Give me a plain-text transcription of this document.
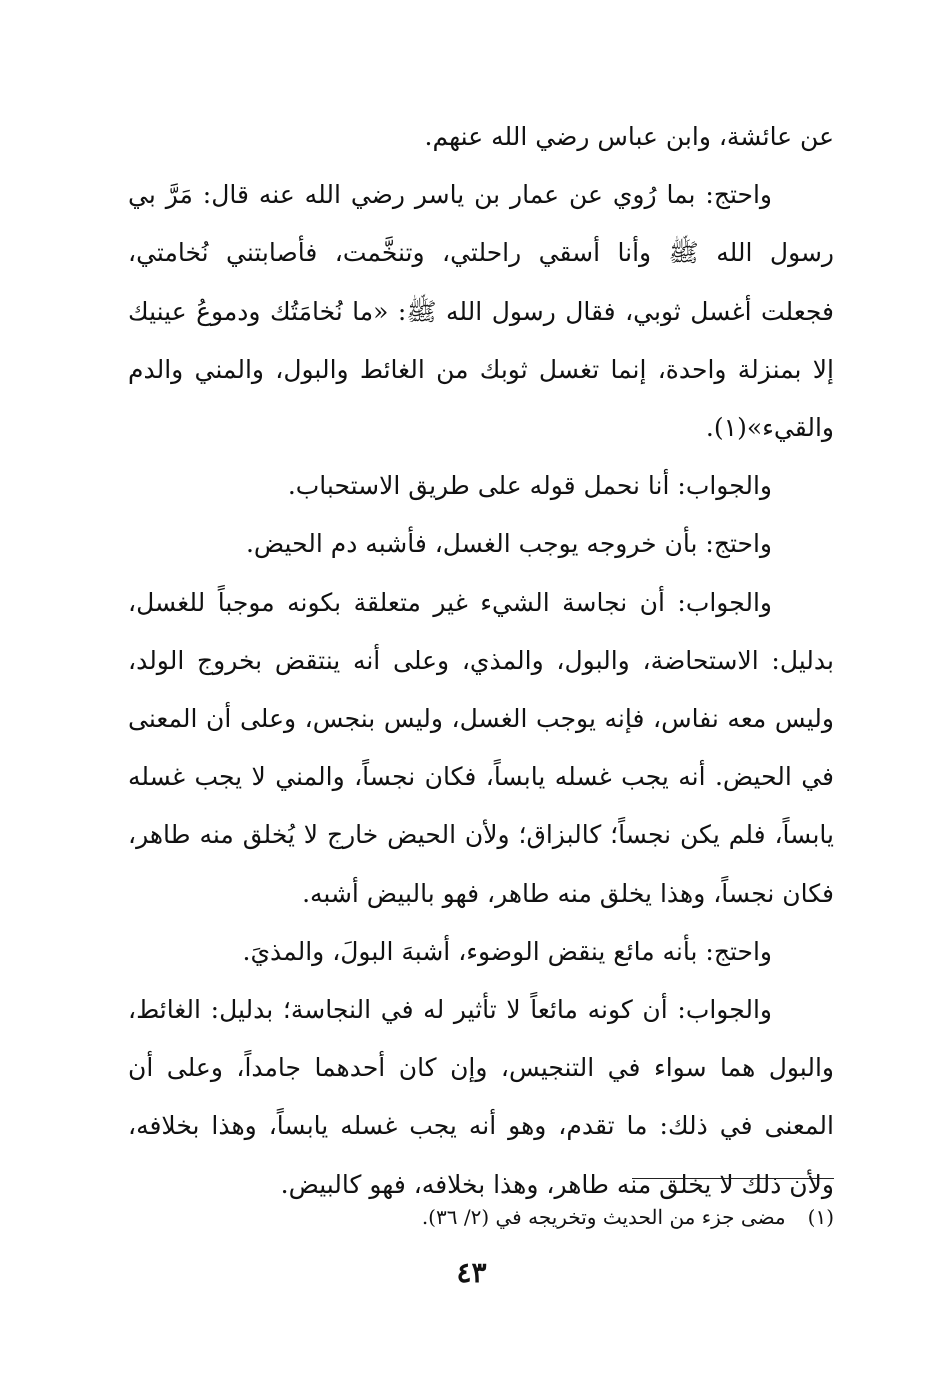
عن عائشة، وابن عباس رضي الله عنهم.

واحتج: بما رُوي عن عمار بن ياسر رضي الله عنه قال: مَرَّ بي رسول الله ﷺ وأنا أسقي راحلتي، وتنخَّمت، فأصابتني نُخامتي، فجعلت أغسل ثوبي، فقال رسول الله ﷺ: «ما نُخامَتُك ودموعُ عينيك إلا بمنزلة واحدة، إنما تغسل ثوبك من الغائط والبول، والمني والدم والقيء»(١).

والجواب: أنا نحمل قوله على طريق الاستحباب.

واحتج: بأن خروجه يوجب الغسل، فأشبه دم الحيض.

والجواب: أن نجاسة الشيء غير متعلقة بكونه موجباً للغسل، بدليل: الاستحاضة، والبول، والمذي، وعلى أنه ينتقض بخروج الولد، وليس معه نفاس، فإنه يوجب الغسل، وليس بنجس، وعلى أن المعنى في الحيض. أنه يجب غسله يابساً، فكان نجساً، والمني لا يجب غسله يابساً، فلم يكن نجساً؛ كالبزاق؛ ولأن الحيض خارج لا يُخلق منه طاهر، فكان نجساً، وهذا يخلق منه طاهر، فهو بالبيض أشبه.

واحتج: بأنه مائع ينقض الوضوء، أشبهَ البولَ، والمذيَ.

والجواب: أن كونه مائعاً لا تأثير له في النجاسة؛ بدليل: الغائط، والبول هما سواء في التنجيس، وإن كان أحدهما جامداً، وعلى أن المعنى في ذلك: ما تقدم، وهو أنه يجب غسله يابساً، وهذا بخلافه، ولأن ذلك لا يخلق منه طاهر، وهذا بخلافه، فهو كالبيض.

(١)مضى جزء من الحديث وتخريجه في (٢/ ٣٦).
٤٣
